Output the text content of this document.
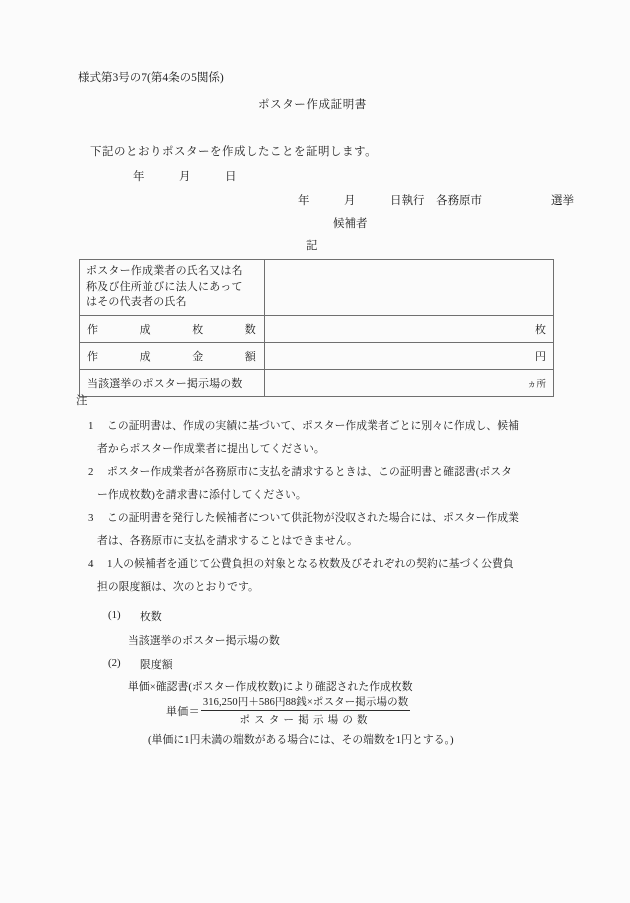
様式第3号の7(第4条の5関係)
ポスター作成証明書
下記のとおりポスターを作成したことを証明します。
年　　　月　　　日
年　　　月　　　日執行　各務原市　　　　　　選挙
候補者
記
ポスター作成業者の氏名又は名
称及び住所並びに法人にあって
はその代表者の氏名	

作 成 枚 数	枚

作 成 金 額	円

当該選挙のポスター掲示場の数	ヵ所
注
1 この証明書は、作成の実績に基づいて、ポスター作成業者ごとに別々に作成し、候補
者からポスター作成業者に提出してください。
2 ポスター作成業者が各務原市に支払を請求するときは、この証明書と確認書(ポスタ
ー作成枚数)を請求書に添付してください。
3 この証明書を発行した候補者について供託物が没収された場合には、ポスター作成業
者は、各務原市に支払を請求することはできません。
4 1人の候補者を通じて公費負担の対象となる枚数及びそれぞれの契約に基づく公費負
担の限度額は、次のとおりです。
(1) 枚数
当該選挙のポスター掲示場の数
(2) 限度額
単価×確認書(ポスター作成枚数)により確認された作成枚数
単価＝ $\frac{\text{316,250円＋586円88銭×ポスター掲示場の数}}{\text{ポスター掲示場の数}}$
(単価に1円未満の端数がある場合には、その端数を1円とする。)
